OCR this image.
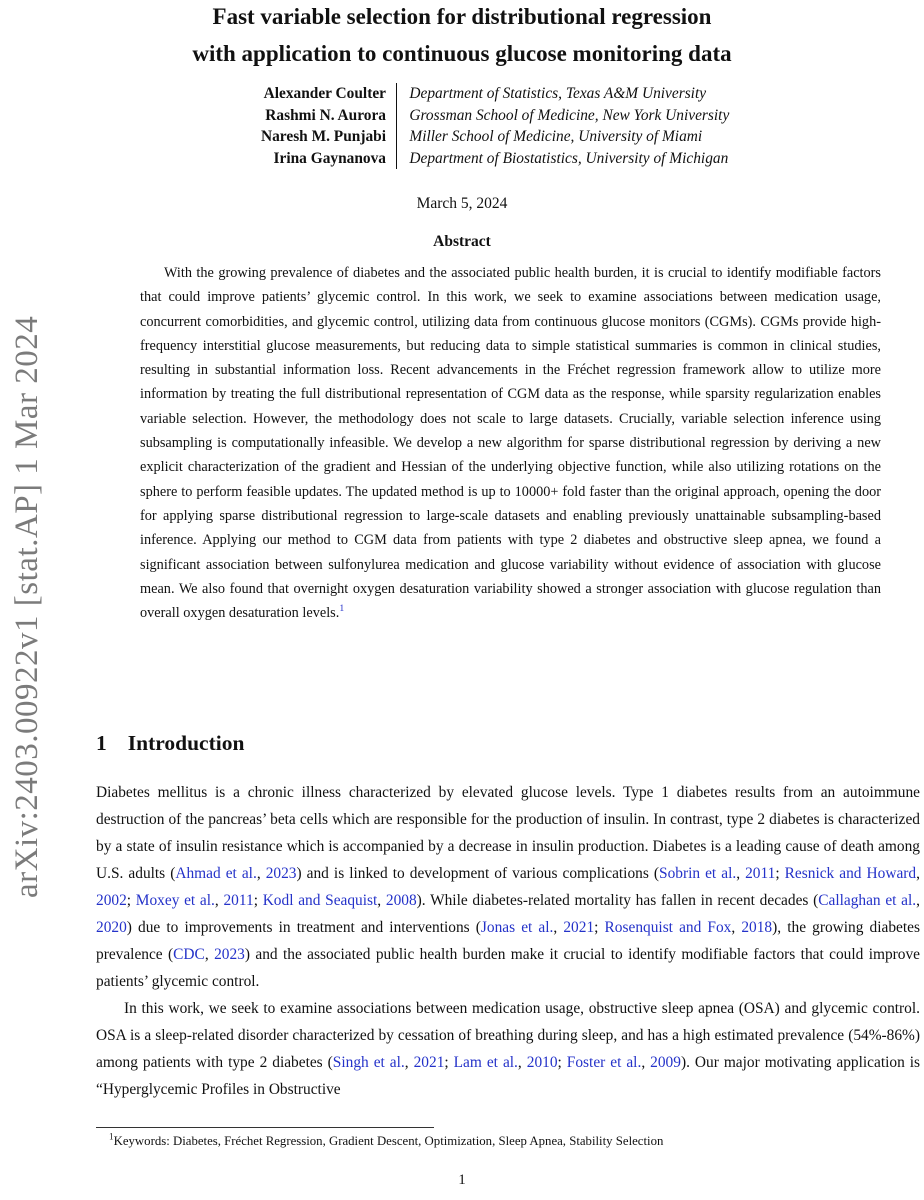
arXiv:2403.00922v1 [stat.AP] 1 Mar 2024
Fast variable selection for distributional regression
with application to continuous glucose monitoring data
Alexander Coulter
Rashmi N. Aurora
Naresh M. Punjabi
Irina Gaynanova
Department of Statistics, Texas A&M University
Grossman School of Medicine, New York University
Miller School of Medicine, University of Miami
Department of Biostatistics, University of Michigan
March 5, 2024
Abstract
With the growing prevalence of diabetes and the associated public health burden, it is crucial to identify modifiable factors that could improve patients’ glycemic control. In this work, we seek to examine associations between medication usage, concurrent comorbidities, and glycemic control, utilizing data from continuous glucose monitors (CGMs). CGMs provide high-frequency interstitial glucose measurements, but reducing data to simple statistical summaries is common in clinical studies, resulting in substantial information loss. Recent advancements in the Fréchet regression framework allow to utilize more information by treating the full distributional representation of CGM data as the response, while sparsity regularization enables variable selection. However, the methodology does not scale to large datasets. Crucially, variable selection inference using subsampling is computationally infeasible. We develop a new algorithm for sparse distributional regression by deriving a new explicit characterization of the gradient and Hessian of the underlying objective function, while also utilizing rotations on the sphere to perform feasible updates. The updated method is up to 10000+ fold faster than the original approach, opening the door for applying sparse distributional regression to large-scale datasets and enabling previously unattainable subsampling-based inference. Applying our method to CGM data from patients with type 2 diabetes and obstructive sleep apnea, we found a significant association between sulfonylurea medication and glucose variability without evidence of association with glucose mean. We also found that overnight oxygen desaturation variability showed a stronger association with glucose regulation than overall oxygen desaturation levels.$^1$
1 Introduction

Diabetes mellitus is a chronic illness characterized by elevated glucose levels. Type 1 diabetes results from an autoimmune destruction of the pancreas’ beta cells which are responsible for the production of insulin. In contrast, type 2 diabetes is characterized by a state of insulin resistance which is accompanied by a decrease in insulin production. Diabetes is a leading cause of death among U.S. adults (Ahmad et al., 2023) and is linked to development of various complications (Sobrin et al., 2011; Resnick and Howard, 2002; Moxey et al., 2011; Kodl and Seaquist, 2008). While diabetes-related mortality has fallen in recent decades (Callaghan et al., 2020) due to improvements in treatment and interventions (Jonas et al., 2021; Rosenquist and Fox, 2018), the growing diabetes prevalence (CDC, 2023) and the associated public health burden make it crucial to identify modifiable factors that could improve patients’ glycemic control.

In this work, we seek to examine associations between medication usage, obstructive sleep apnea (OSA) and glycemic control. OSA is a sleep-related disorder characterized by cessation of breathing during sleep, and has a high estimated prevalence (54%-86%) among patients with type 2 diabetes (Singh et al., 2021; Lam et al., 2010; Foster et al., 2009). Our major motivating application is “Hyperglycemic Profiles in Obstructive

$^1$Keywords: Diabetes, Fréchet Regression, Gradient Descent, Optimization, Sleep Apnea, Stability Selection
1
